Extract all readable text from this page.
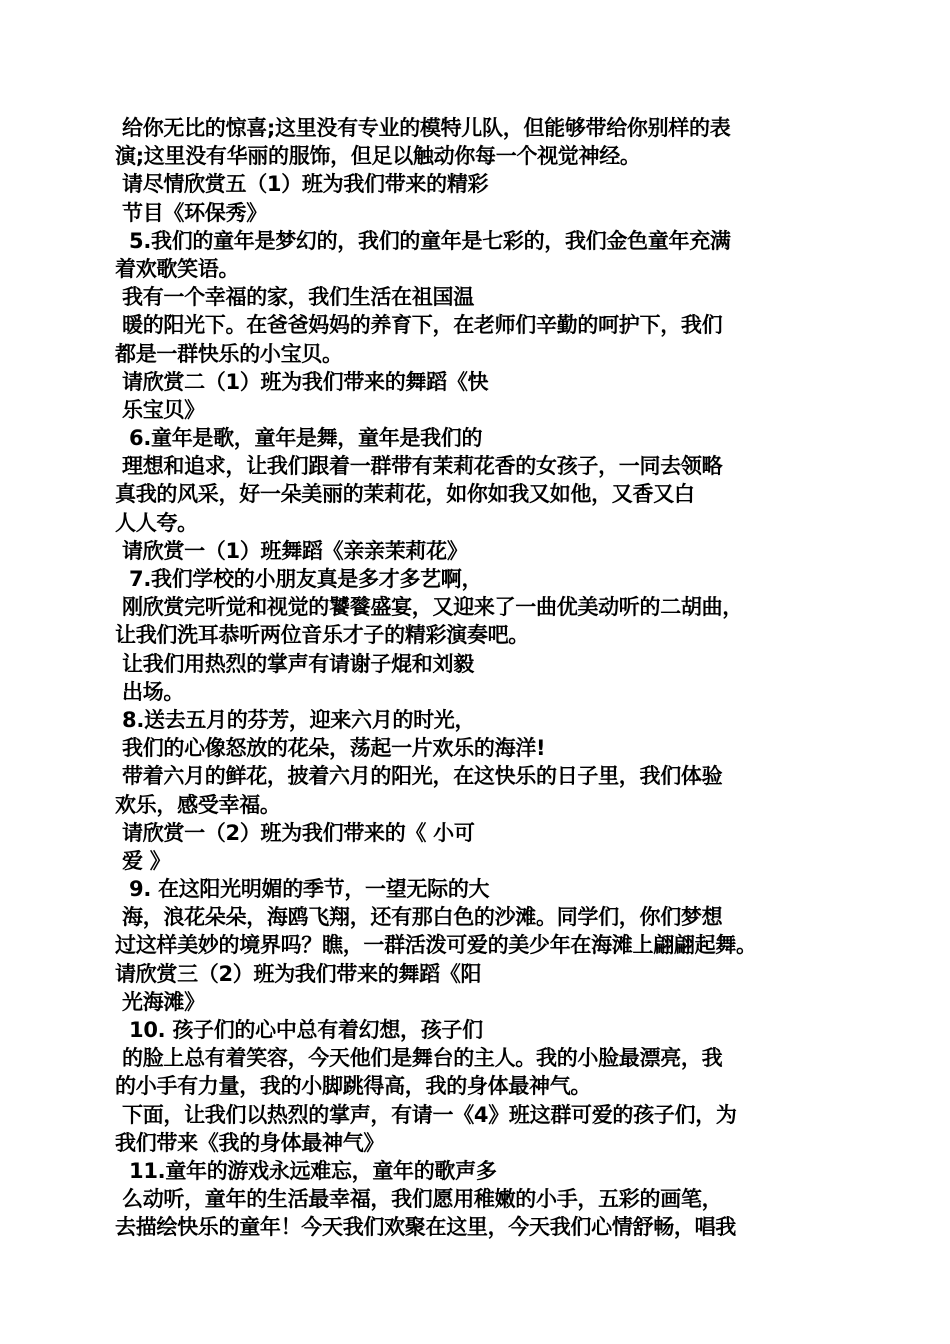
给你无比的惊喜;这里没有专业的模特儿队，但能够带给你别样的表
演;这里没有华丽的服饰，但足以触动你每一个视觉神经。
请尽情欣赏五（1）班为我们带来的精彩
节目《环保秀》
5.我们的童年是梦幻的，我们的童年是七彩的，我们金色童年充满
着欢歌笑语。
我有一个幸福的家，我们生活在祖国温
暖的阳光下。在爸爸妈妈的养育下，在老师们辛勤的呵护下，我们
都是一群快乐的小宝贝。
请欣赏二（1）班为我们带来的舞蹈《快
乐宝贝》
6.童年是歌，童年是舞，童年是我们的
理想和追求，让我们跟着一群带有茉莉花香的女孩子，一同去领略
真我的风采，好一朵美丽的茉莉花，如你如我又如他，又香又白
人人夸。
请欣赏一（1）班舞蹈《亲亲茉莉花》
7.我们学校的小朋友真是多才多艺啊，
刚欣赏完听觉和视觉的饕餮盛宴，又迎来了一曲优美动听的二胡曲，
让我们洗耳恭听两位音乐才子的精彩演奏吧。
让我们用热烈的掌声有请谢子焜和刘毅
出场。
8.送去五月的芬芳，迎来六月的时光，
我们的心像怒放的花朵，荡起一片欢乐的海洋!
带着六月的鲜花，披着六月的阳光，在这快乐的日子里，我们体验
欢乐，感受幸福。
请欣赏一（2）班为我们带来的《 小可
爱 》
9. 在这阳光明媚的季节，一望无际的大
海，浪花朵朵，海鸥飞翔，还有那白色的沙滩。同学们，你们梦想
过这样美妙的境界吗？瞧，一群活泼可爱的美少年在海滩上翩翩起舞。
请欣赏三（2）班为我们带来的舞蹈《阳
光海滩》
10. 孩子们的心中总有着幻想，孩子们
的脸上总有着笑容，今天他们是舞台的主人。我的小脸最漂亮，我
的小手有力量，我的小脚跳得高，我的身体最神气。
下面，让我们以热烈的掌声，有请一《4》班这群可爱的孩子们，为
我们带来《我的身体最神气》
11.童年的游戏永远难忘，童年的歌声多
么动听，童年的生活最幸福，我们愿用稚嫩的小手，五彩的画笔，
去描绘快乐的童年！今天我们欢聚在这里，今天我们心情舒畅，唱我
